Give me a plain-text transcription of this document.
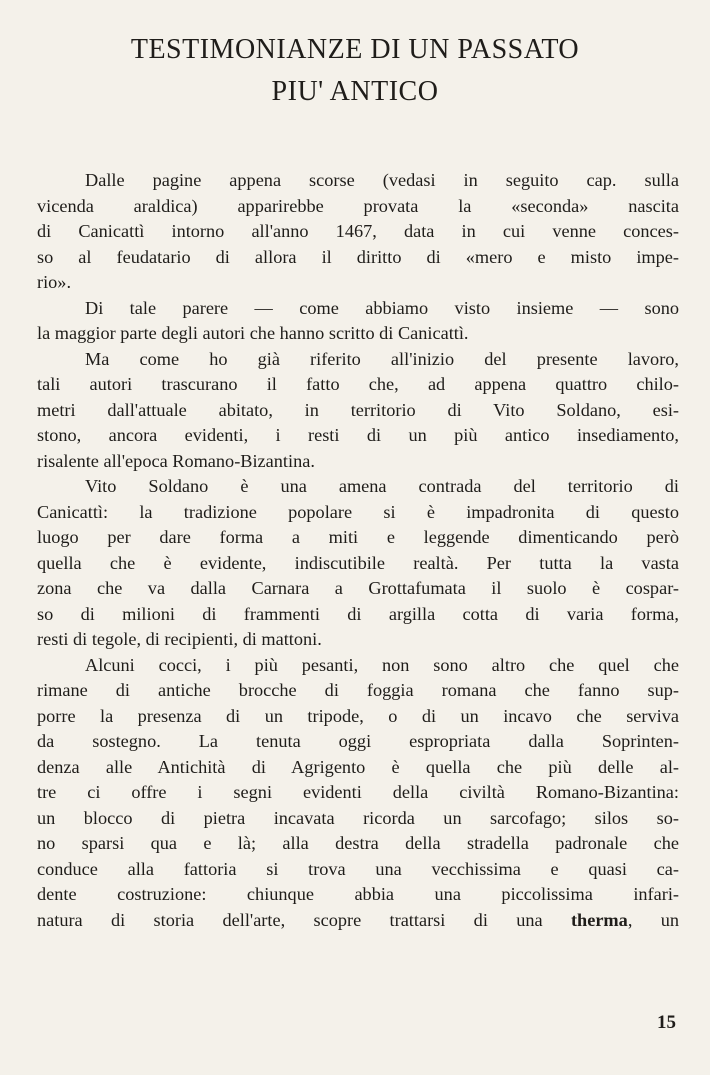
TESTIMONIANZE DI UN PASSATO
PIU' ANTICO
Dalle pagine appena scorse (vedasi in seguito cap. sulla
vicenda araldica) apparirebbe provata la «seconda» nascita
di Canicattì intorno all'anno 1467, data in cui venne conces-
so al feudatario di allora il diritto di «mero e misto impe-
rio».
Di tale parere — come abbiamo visto insieme — sono
la maggior parte degli autori che hanno scritto di Canicattì.
Ma come ho già riferito all'inizio del presente lavoro,
tali autori trascurano il fatto che, ad appena quattro chilo-
metri dall'attuale abitato, in territorio di Vito Soldano, esi-
stono, ancora evidenti, i resti di un più antico insediamento,
risalente all'epoca Romano-Bizantina.
Vito Soldano è una amena contrada del territorio di
Canicattì: la tradizione popolare si è impadronita di questo
luogo per dare forma a miti e leggende dimenticando però
quella che è evidente, indiscutibile realtà. Per tutta la vasta
zona che va dalla Carnara a Grottafumata il suolo è cospar-
so di milioni di frammenti di argilla cotta di varia forma,
resti di tegole, di recipienti, di mattoni.
Alcuni cocci, i più pesanti, non sono altro che quel che
rimane di antiche brocche di foggia romana che fanno sup-
porre la presenza di un tripode, o di un incavo che serviva
da sostegno. La tenuta oggi espropriata dalla Soprinten-
denza alle Antichità di Agrigento è quella che più delle al-
tre ci offre i segni evidenti della civiltà Romano-Bizantina:
un blocco di pietra incavata ricorda un sarcofago; silos so-
no sparsi qua e là; alla destra della stradella padronale che
conduce alla fattoria si trova una vecchissima e quasi ca-
dente costruzione: chiunque abbia una piccolissima infari-
natura di storia dell'arte, scopre trattarsi di una therma, un
15
